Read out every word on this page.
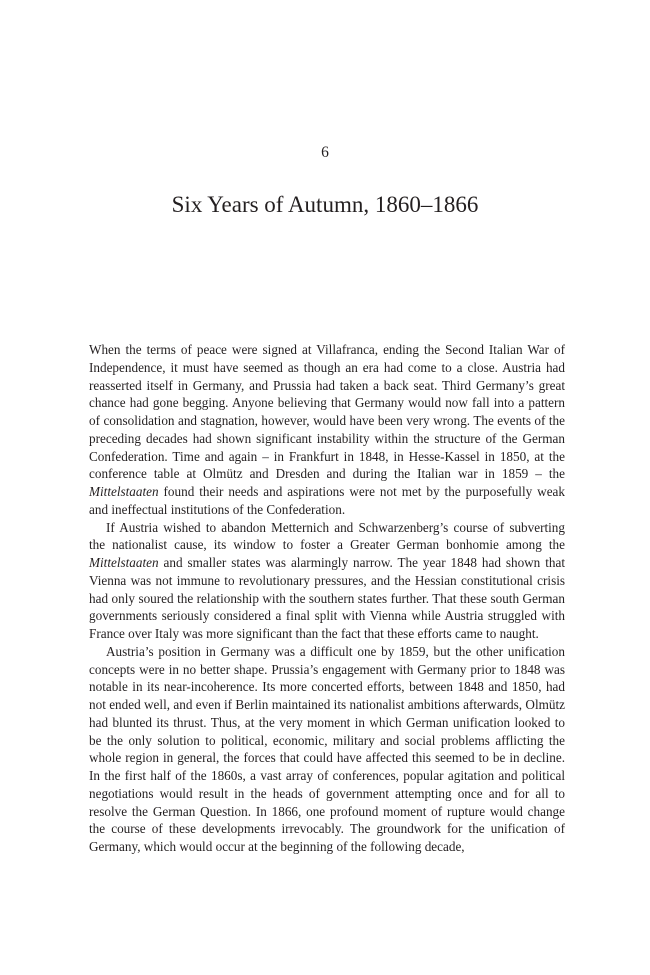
6
Six Years of Autumn, 1860–1866

When the terms of peace were signed at Villafranca, ending the Second Italian War of Independence, it must have seemed as though an era had come to a close. Austria had reasserted itself in Germany, and Prussia had taken a back seat. Third Germany’s great chance had gone begging. Anyone believing that Germany would now fall into a pattern of consolidation and stagnation, however, would have been very wrong. The events of the preceding decades had shown significant instability within the structure of the German Confederation. Time and again – in Frankfurt in 1848, in Hesse-Kassel in 1850, at the conference table at Olmütz and Dresden and during the Italian war in 1859 – the Mittelstaaten found their needs and aspirations were not met by the purposefully weak and ineffectual institutions of the Confederation.

If Austria wished to abandon Metternich and Schwarzenberg’s course of subverting the nationalist cause, its window to foster a Greater German bonhomie among the Mittelstaaten and smaller states was alarmingly narrow. The year 1848 had shown that Vienna was not immune to revolutionary pressures, and the Hessian constitutional crisis had only soured the relationship with the southern states further. That these south German governments seriously considered a final split with Vienna while Austria struggled with France over Italy was more significant than the fact that these efforts came to naught.

Austria’s position in Germany was a difficult one by 1859, but the other unification concepts were in no better shape. Prussia’s engagement with Germany prior to 1848 was notable in its near-incoherence. Its more concerted efforts, between 1848 and 1850, had not ended well, and even if Berlin maintained its nationalist ambitions afterwards, Olmütz had blunted its thrust. Thus, at the very moment in which German unification looked to be the only solution to political, economic, military and social problems afflicting the whole region in general, the forces that could have affected this seemed to be in decline. In the first half of the 1860s, a vast array of conferences, popular agitation and political negotiations would result in the heads of government attempting once and for all to resolve the German Question. In 1866, one profound moment of rupture would change the course of these developments irrevocably. The groundwork for the unification of Germany, which would occur at the beginning of the following decade,
